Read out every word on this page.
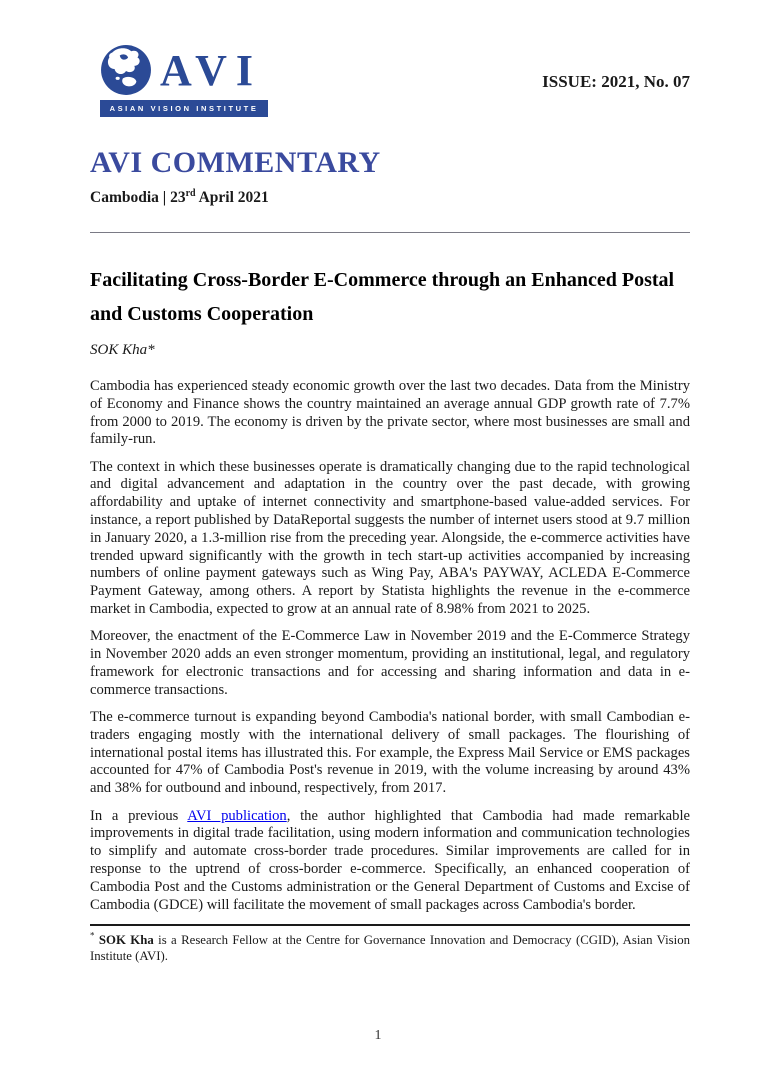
AVI
ASIAN VISION INSTITUTE
ISSUE: 2021, No. 07
AVI COMMENTARY
Cambodia | 23rd April 2021
Facilitating Cross-Border E-Commerce through an Enhanced Postal and Customs Cooperation
SOK Kha*

Cambodia has experienced steady economic growth over the last two decades. Data from the Ministry of Economy and Finance shows the country maintained an average annual GDP growth rate of 7.7% from 2000 to 2019. The economy is driven by the private sector, where most businesses are small and family-run.

The context in which these businesses operate is dramatically changing due to the rapid technological and digital advancement and adaptation in the country over the past decade, with growing affordability and uptake of internet connectivity and smartphone-based value-added services. For instance, a report published by DataReportal suggests the number of internet users stood at 9.7 million in January 2020, a 1.3-million rise from the preceding year. Alongside, the e-commerce activities have trended upward significantly with the growth in tech start-up activities accompanied by increasing numbers of online payment gateways such as Wing Pay, ABA's PAYWAY, ACLEDA E-Commerce Payment Gateway, among others. A report by Statista highlights the revenue in the e-commerce market in Cambodia, expected to grow at an annual rate of 8.98% from 2021 to 2025.

Moreover, the enactment of the E-Commerce Law in November 2019 and the E-Commerce Strategy in November 2020 adds an even stronger momentum, providing an institutional, legal, and regulatory framework for electronic transactions and for accessing and sharing information and data in e-commerce transactions.

The e-commerce turnout is expanding beyond Cambodia's national border, with small Cambodian e-traders engaging mostly with the international delivery of small packages. The flourishing of international postal items has illustrated this. For example, the Express Mail Service or EMS packages accounted for 47% of Cambodia Post's revenue in 2019, with the volume increasing by around 43% and 38% for outbound and inbound, respectively, from 2017.

In a previous AVI publication, the author highlighted that Cambodia had made remarkable improvements in digital trade facilitation, using modern information and communication technologies to simplify and automate cross-border trade procedures. Similar improvements are called for in response to the uptrend of cross-border e-commerce. Specifically, an enhanced cooperation of Cambodia Post and the Customs administration or the General Department of Customs and Excise of Cambodia (GDCE) will facilitate the movement of small packages across Cambodia's border.

* SOK Kha is a Research Fellow at the Centre for Governance Innovation and Democracy (CGID), Asian Vision Institute (AVI).
1
